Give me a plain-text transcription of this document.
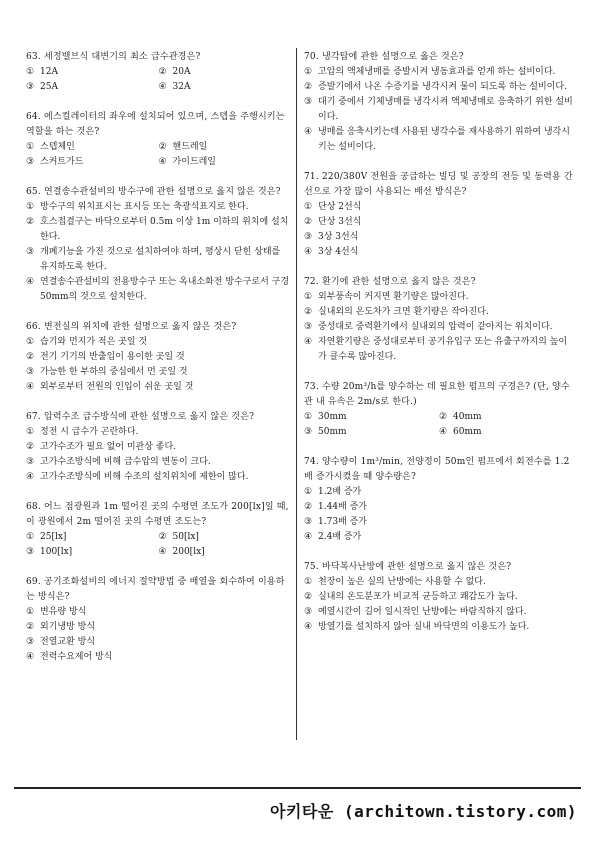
63. 세정밸브식 대변기의 최소 급수관경은?
① 12A	② 20A
③ 25A	④ 32A
64. 에스컬레이터의 좌우에 설치되어 있으며, 스텝을 주행시키는 역할을 하는 것은?
① 스텝체인	② 핸드레일
③ 스커트가드	④ 가이드레일
65. 연결송수관설비의 방수구에 관한 설명으로 옳지 않은 것은?
① 방수구의 위치표시는 표시등 또는 축광식표지로 한다.
② 호스접결구는 바닥으로부터 0.5m 이상 1m 이하의 위치에 설치한다.
③ 개폐기능을 가진 것으로 설치하여야 하며, 평상시 닫힌 상태를 유지하도록 한다.
④ 연결송수관설비의 전용방수구 또는 옥내소화전 방수구로서 구경 50mm의 것으로 설치한다.
66. 변전실의 위치에 관한 설명으로 옳지 않은 것은?
① 습기와 먼지가 적은 곳일 것
② 전기 기기의 반출입이 용이한 곳일 것
③ 가능한 한 부하의 중심에서 먼 곳일 것
④ 외부로부터 전원의 인입이 쉬운 곳일 것
67. 압력수조 급수방식에 관한 설명으로 옳지 않은 것은?
① 정전 시 급수가 곤란하다.
② 고가수조가 필요 없어 미관상 좋다.
③ 고가수조방식에 비해 급수압의 변동이 크다.
④ 고가수조방식에 비해 수조의 설치위치에 제한이 많다.
68. 어느 점광원과 1m 떨어진 곳의 수평면 조도가 200[lx]일 때, 이 광원에서 2m 떨어진 곳의 수평면 조도는?
① 25[lx]	② 50[lx]
③ 100[lx]	④ 200[lx]
69. 공기조화설비의 에너지 절약방법 중 배열을 회수하여 이용하는 방식은?
① 변유량 방식
② 외기냉방 방식
③ 전열교환 방식
④ 전력수요제어 방식
70. 냉각탑에 관한 설명으로 옳은 것은?
① 고압의 액체냉매를 증발시켜 냉동효과를 얻게 하는 설비이다.
② 증발기에서 나온 수증기를 냉각시켜 물이 되도록 하는 설비이다.
③ 대기 중에서 기체냉매를 냉각시켜 액체냉매로 응축하기 위한 설비이다.
④ 냉매를 응축시키는데 사용된 냉각수를 재사용하기 위하여 냉각시키는 설비이다.
71. 220/380V 전원을 공급하는 빌딩 및 공장의 전등 및 동력용 간선으로 가장 많이 사용되는 배선 방식은?
① 단상 2선식
② 단상 3선식
③ 3상 3선식
④ 3상 4선식
72. 환기에 관한 설명으로 옳지 않은 것은?
① 외부풍속이 커지면 환기량은 많아진다.
② 실내외의 온도차가 크면 환기량은 작아진다.
③ 중성대로 중력환기에서 실내외의 압력이 같아지는 위치이다.
④ 자연환기량은 중성대로부터 공기유입구 또는 유출구까지의 높이가 클수록 많아진다.
73. 수량 20m³/h를 양수하는 데 필요한 펌프의 구경은? (단, 양수관 내 유속은 2m/s로 한다.)
① 30mm	② 40mm
③ 50mm	④ 60mm
74. 양수량이 1m³/min, 전양정이 50m인 펌프에서 회전수를 1.2배 증가시켰을 때 양수량은?
① 1.2배 증가
② 1.44배 증가
③ 1.73배 증가
④ 2.4배 증가
75. 바닥복사난방에 관한 설명으로 옳지 않은 것은?
① 천장이 높은 실의 난방에는 사용할 수 없다.
② 실내의 온도분포가 비교적 균등하고 쾌감도가 높다.
③ 예열시간이 길어 일시적인 난방에는 바람직하지 않다.
④ 방열기를 설치하지 않아 실내 바닥면의 이용도가 높다.
아키타운 (architown.tistory.com)
